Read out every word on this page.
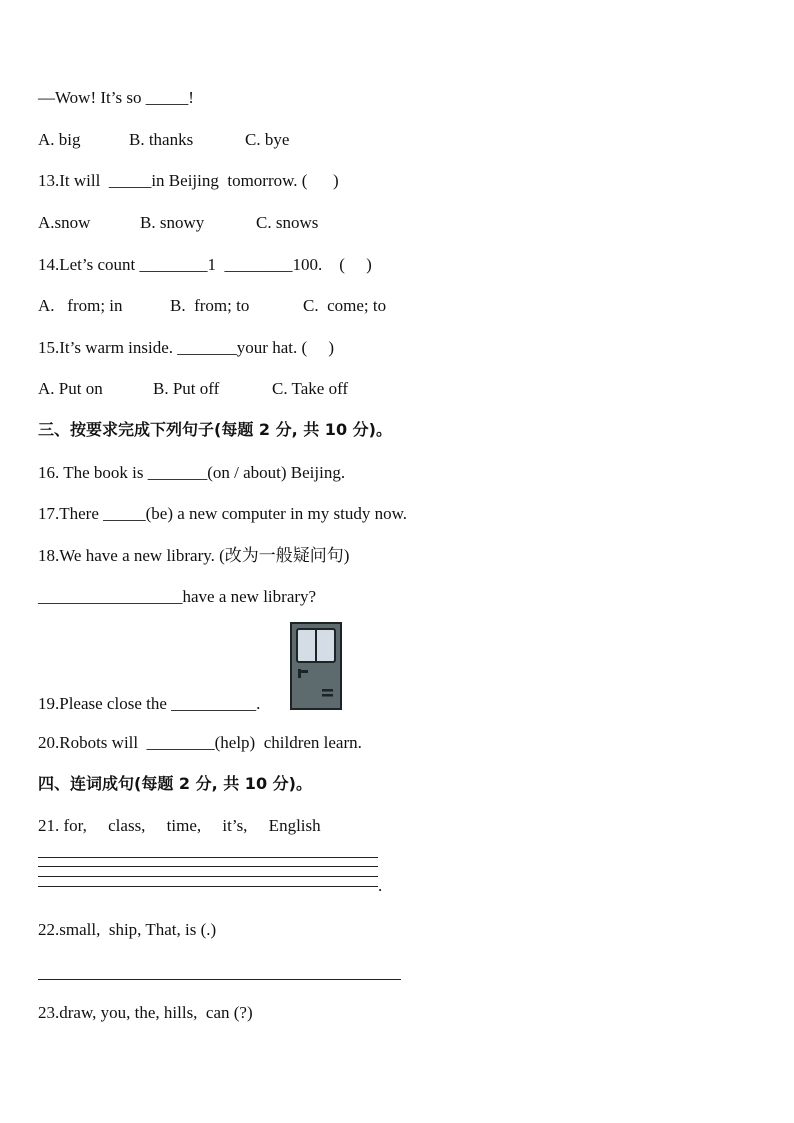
—Wow! It’s so _____!
A. big	B. thanks	C. bye
13.It will  _____in Beijing  tomorrow. (      )
A.snow	B. snowy	C. snows
14.Let’s count ________1  ________100.    (     )
A.   from; in	B.  from; to	C.  come; to
15.It’s warm inside. _______your hat. (     )
A. Put on	B. Put off	C. Take off
三、按要求完成下列句子(每题 2 分, 共 10 分)。
16. The book is _______(on / about) Beijing.
17.There _____(be) a new computer in my study now.
18.We have a new library. (改为一般疑问句)
_________________have a new library?
19.Please close the __________.
20.Robots will  ________(help)  children learn.
四、连词成句(每题 2 分, 共 10 分)。
21. for,     class,     time,     it’s,     English
.
22.small,  ship, That, is (.)
23.draw, you, the, hills,  can (?)
